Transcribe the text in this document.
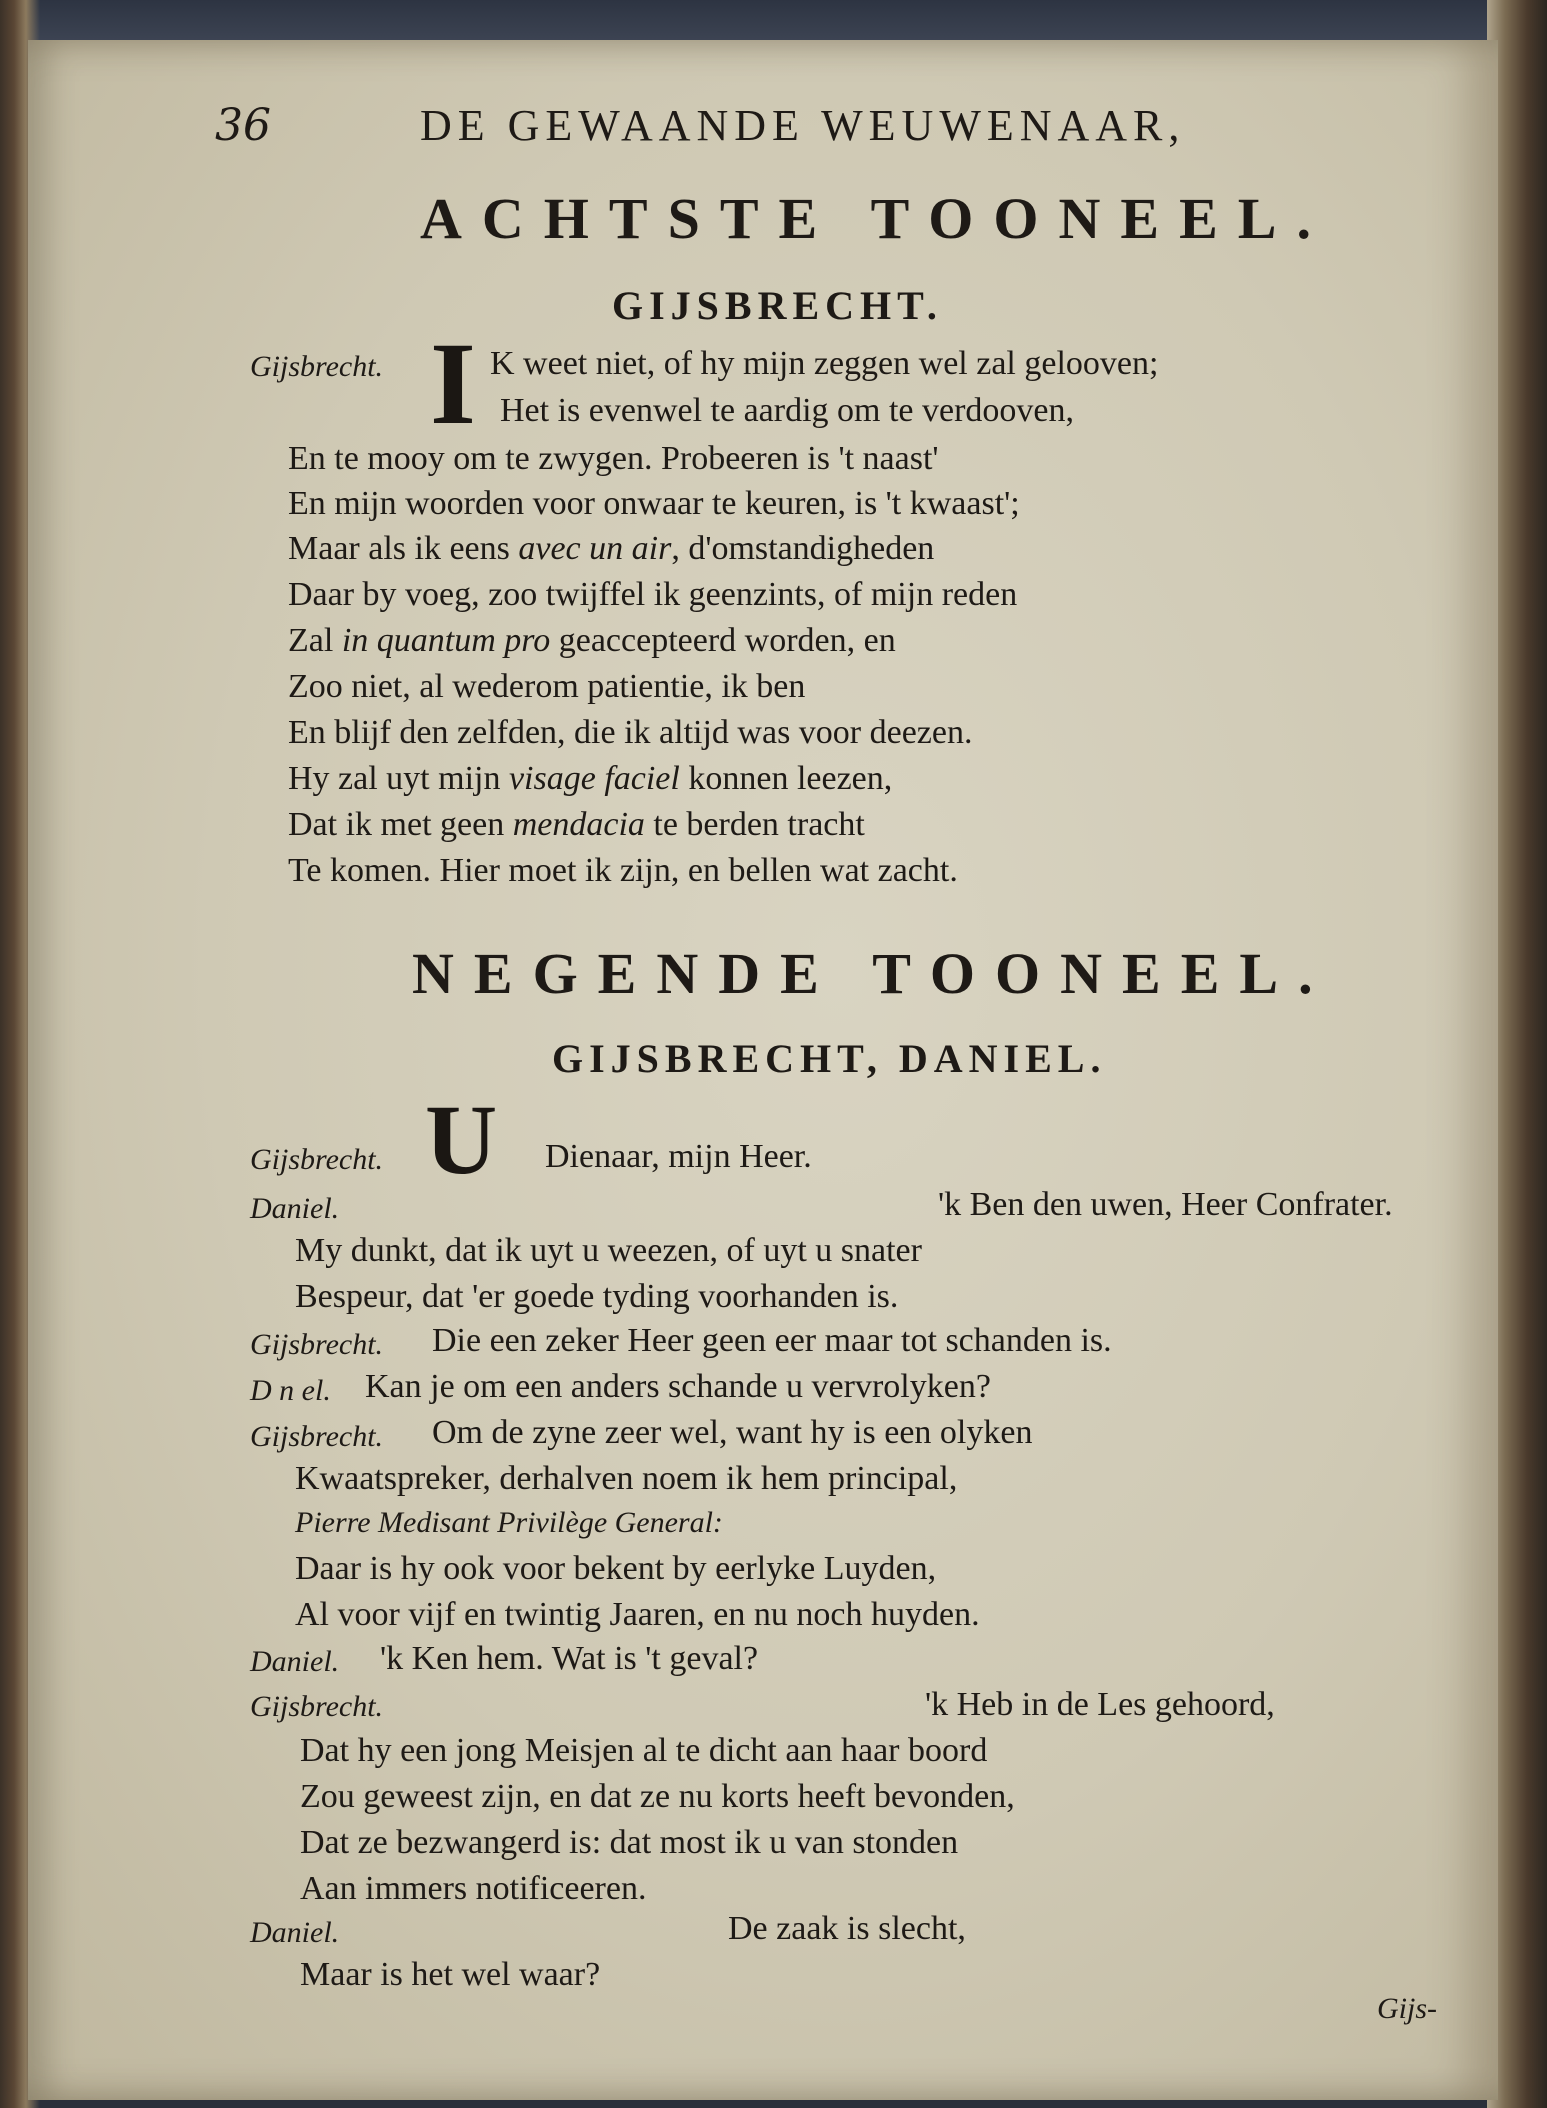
36	DE GEWAANDE WEUWENAAR,
ACHTSTE TOONEEL.
GIJSBRECHT.
Gijsbrecht. I K weet niet, of hy mijn zeggen wel zal gelooven;
Het is evenwel te aardig om te verdooven,
En te mooy om te zwygen. Probeeren is 't naast'
En mijn woorden voor onwaar te keuren, is 't kwaast';
Maar als ik eens avec un air, d'omstandigheden
Daar by voeg, zoo twijffel ik geenzints, of mijn reden
Zal in quantum pro geaccepteerd worden, en
Zoo niet, al wederom patientie, ik ben
En blijf den zelfden, die ik altijd was voor deezen.
Hy zal uyt mijn visage faciel konnen leezen,
Dat ik met geen mendacia te berden tracht
Te komen. Hier moet ik zijn, en bellen wat zacht.
NEGENDE TOONEEL.
GIJSBRECHT, DANIEL.
U
Gijsbrecht.	Dienaar, mijn Heer.
Daniel.	'k Ben den uwen, Heer Confrater.
My dunkt, dat ik uyt u weezen, of uyt u snater
Bespeur, dat 'er goede tyding voorhanden is.
Gijsbrecht. Die een zeker Heer geen eer maar tot schanden is.
D n el. Kan je om een anders schande u vervrolyken?
Gijsbrecht. Om de zyne zeer wel, want hy is een olyken
Kwaatspreker, derhalven noem ik hem principal,
Pierre Medisant Privilège General:
Daar is hy ook voor bekent by eerlyke Luyden,
Al voor vijf en twintig Jaaren, en nu noch huyden.
Daniel. 'k Ken hem. Wat is 't geval?
Gijsbrecht.	'k Heb in de Les gehoord,
Dat hy een jong Meisjen al te dicht aan haar boord
Zou geweest zijn, en dat ze nu korts heeft bevonden,
Dat ze bezwangerd is: dat most ik u van stonden
Aan immers notificeeren.
Daniel.	De zaak is slecht,
Maar is het wel waar?
Gijs-
